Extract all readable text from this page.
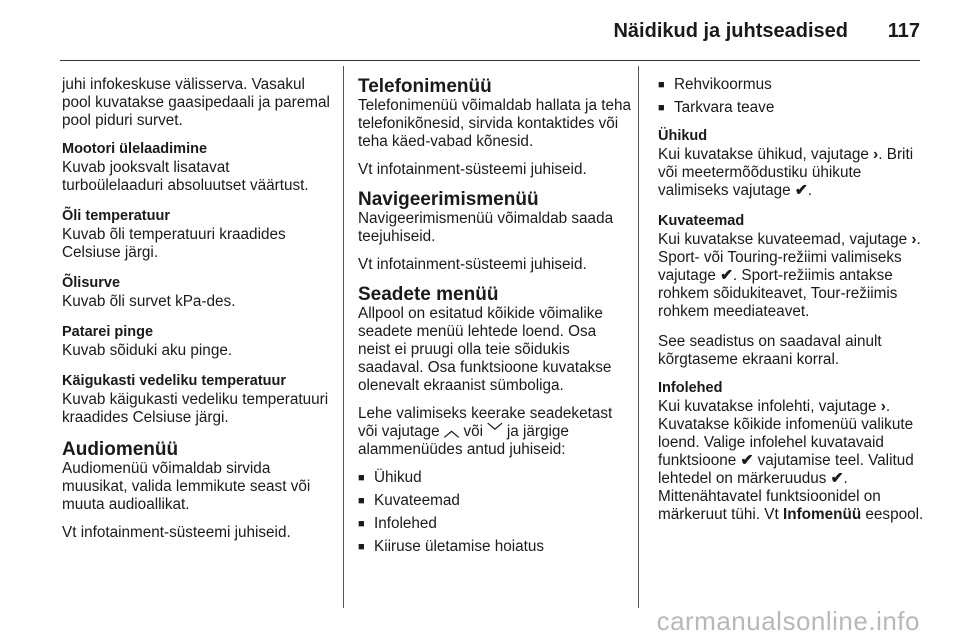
Näidikud ja juhtseadised 117

juhi infokeskuse välisserva. Vasakul pool kuvatakse gaasipedaali ja paremal pool piduri survet.

Mootori ülelaadimine
Kuvab jooksvalt lisatavat turboülelaaduri absoluutset väärtust.
Õli temperatuur
Kuvab õli temperatuuri kraadides Celsiuse järgi.
Õlisurve
Kuvab õli survet kPa-des.
Patarei pinge
Kuvab sõiduki aku pinge.
Käigukasti vedeliku temperatuur
Kuvab käigukasti vedeliku temperatuuri kraadides Celsiuse järgi.
Audiomenüü

Audiomenüü võimaldab sirvida muusikat, valida lemmikute seast või muuta audioallikat.

Vt infotainment-süsteemi juhiseid.

Telefonimenüü

Telefonimenüü võimaldab hallata ja teha telefonikõnesid, sirvida kontaktides või teha käed-vabad kõnesid.

Vt infotainment-süsteemi juhiseid.

Navigeerimismenüü

Navigeerimismenüü võimaldab saada teejuhiseid.

Vt infotainment-süsteemi juhiseid.

Seadete menüü

Allpool on esitatud kõikide võimalike seadete menüü lehtede loend. Osa neist ei pruugi olla teie sõidukis saadaval. Osa funktsioone kuvatakse olenevalt ekraanist sümboliga.

Lehe valimiseks keerake seadeketast või vajutage ︿ või ﹀ ja järgige alammenüüdes antud juhiseid:

■ Ühikud
■ Kuvateemad
■ Infolehed
■ Kiiruse ületamise hoiatus
■ Rehvikoormus
■ Tarkvara teave
Ühikud
Kui kuvatakse ühikud, vajutage ›. Briti või meetermõõdustiku ühikute valimiseks vajutage ✔.
Kuvateemad
Kui kuvatakse kuvateemad, vajutage ›. Sport- või Touring-režiimi valimiseks vajutage ✔. Sport-režiimis antakse rohkem sõidukiteavet, Tour-režiimis rohkem meediateavet.

See seadistus on saadaval ainult kõrgtaseme ekraani korral.

Infolehed
Kui kuvatakse infolehti, vajutage ›. Kuvatakse kõikide infomenüü valikute loend. Valige infolehel kuvatavaid funktsioone ✔ vajutamise teel. Valitud lehtedel on märkeruudus ✔. Mittenähtavatel funktsioonidel on märkeruut tühi. Vt Infomenüü eespool.
carmanualsonline.info
